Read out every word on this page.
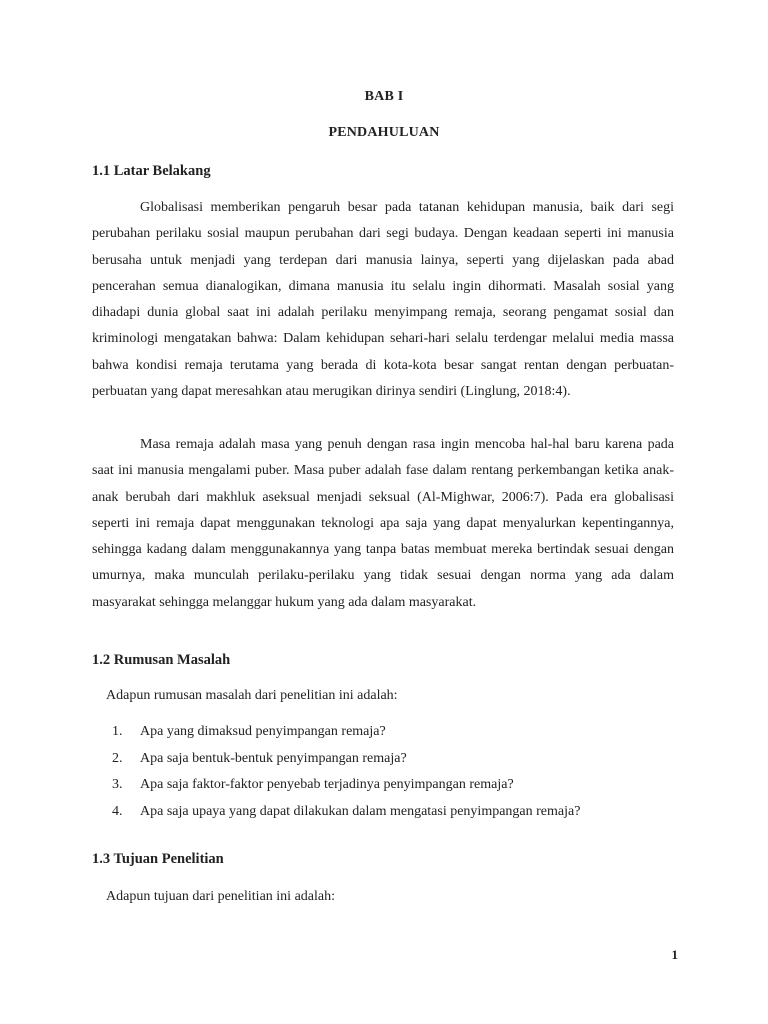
BAB I
PENDAHULUAN
1.1 Latar Belakang

Globalisasi memberikan pengaruh besar pada tatanan kehidupan manusia, baik dari segi perubahan perilaku sosial maupun perubahan dari segi budaya. Dengan keadaan seperti ini manusia berusaha untuk menjadi yang terdepan dari manusia lainya, seperti yang dijelaskan pada abad pencerahan semua dianalogikan, dimana manusia itu selalu ingin dihormati. Masalah sosial yang dihadapi dunia global saat ini adalah perilaku menyimpang remaja, seorang pengamat sosial dan kriminologi mengatakan bahwa: Dalam kehidupan sehari-hari selalu terdengar melalui media massa bahwa kondisi remaja terutama yang berada di kota-kota besar sangat rentan dengan perbuatan-perbuatan yang dapat meresahkan atau merugikan dirinya sendiri (Linglung, 2018:4).

Masa remaja adalah masa yang penuh dengan rasa ingin mencoba hal-hal baru karena pada saat ini manusia mengalami puber. Masa puber adalah fase dalam rentang perkembangan ketika anak-anak berubah dari makhluk aseksual menjadi seksual (Al-Mighwar, 2006:7). Pada era globalisasi seperti ini remaja dapat menggunakan teknologi apa saja yang dapat menyalurkan kepentingannya, sehingga kadang dalam menggunakannya yang tanpa batas membuat mereka bertindak sesuai dengan umurnya, maka munculah perilaku-perilaku yang tidak sesuai dengan norma yang ada dalam masyarakat sehingga melanggar hukum yang ada dalam masyarakat.

1.2 Rumusan Masalah

Adapun rumusan masalah dari penelitian ini adalah:

1. Apa yang dimaksud penyimpangan remaja?
2. Apa saja bentuk-bentuk penyimpangan remaja?
3. Apa saja faktor-faktor penyebab terjadinya penyimpangan remaja?
4. Apa saja upaya yang dapat dilakukan dalam mengatasi penyimpangan remaja?
1.3 Tujuan Penelitian

Adapun tujuan dari penelitian ini adalah:

1
